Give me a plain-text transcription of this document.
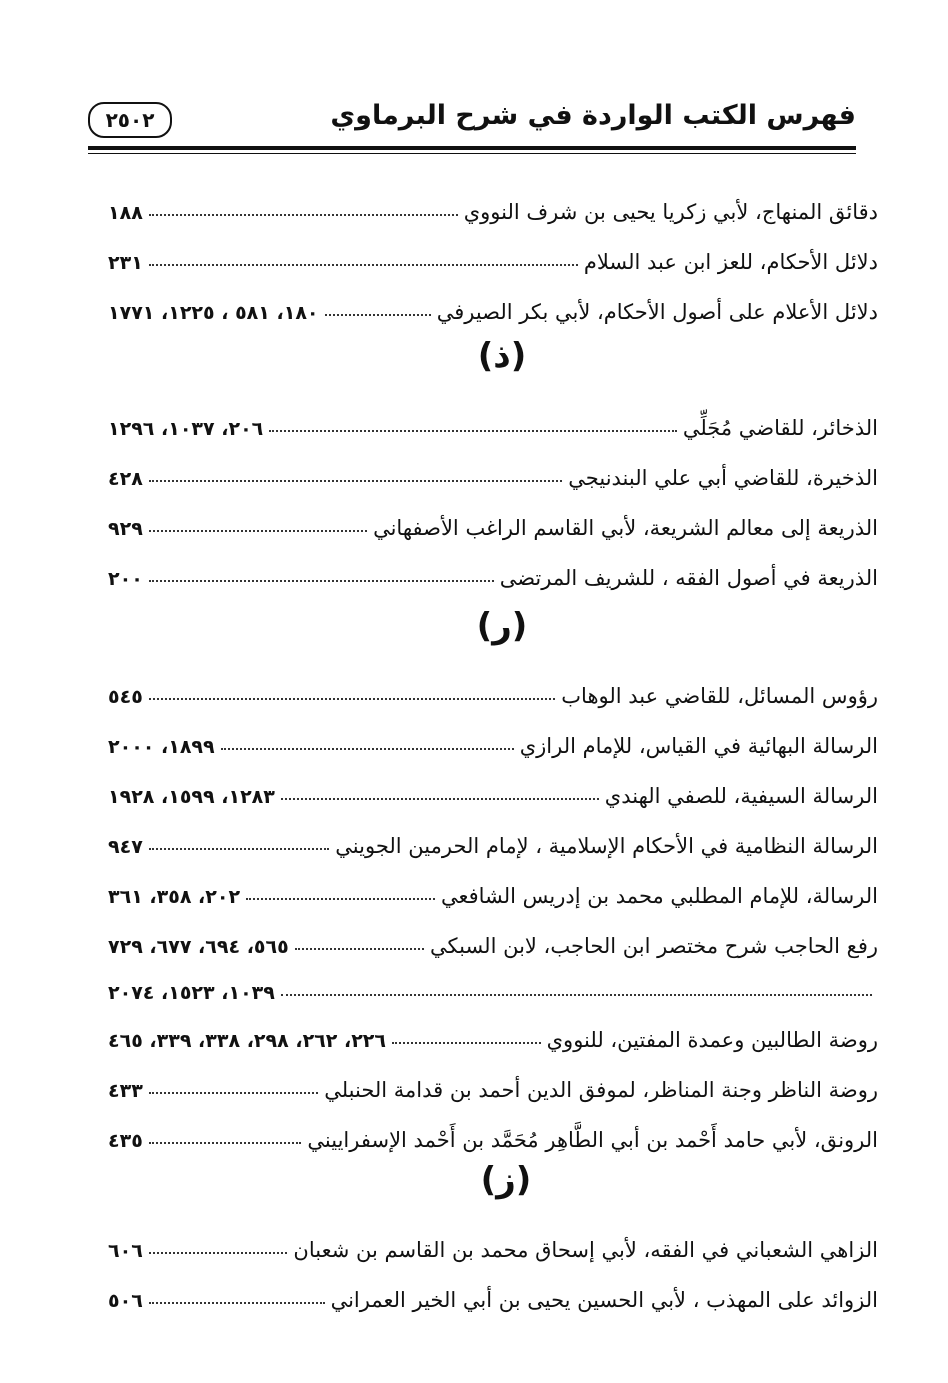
٢٥٠٢	فهرس الكتب الواردة في شرح البرماوي
دقائق المنهاج، لأبي زكريا يحيى بن شرف النووي
١٨٨
دلائل الأحكام، للعز ابن عبد السلام
٢٣١
دلائل الأعلام على أصول الأحكام، لأبي بكر الصيرفي
١٨٠، ٥٨١ ، ١٢٢٥، ١٧٧١
(ذ)
الذخائر، للقاضي مُجَلِّي
٢٠٦، ١٠٣٧، ١٢٩٦
الذخيرة، للقاضي أبي علي البندنيجي
٤٢٨
الذريعة إلى معالم الشريعة، لأبي القاسم الراغب الأصفهاني
٩٢٩
الذريعة في أصول الفقه ، للشريف المرتضى
٢٠٠
(ر)
رؤوس المسائل، للقاضي عبد الوهاب
٥٤٥
الرسالة البهائية في القياس، للإمام الرازي
١٨٩٩، ٢٠٠٠
الرسالة السيفية، للصفي الهندي
١٢٨٣، ١٥٩٩، ١٩٢٨
الرسالة النظامية في الأحكام الإسلامية ، لإمام الحرمين الجويني
٩٤٧
الرسالة، للإمام المطلبي محمد بن إدريس الشافعي
٢٠٢، ٣٥٨، ٣٦١
رفع الحاجب شرح مختصر ابن الحاجب، لابن السبكي
٥٦٥، ٦٩٤، ٦٧٧، ٧٢٩
١٠٣٩، ١٥٢٣، ٢٠٧٤
روضة الطالبين وعمدة المفتين، للنووي
٢٢٦، ٢٦٢، ٢٩٨، ٣٣٨، ٣٣٩، ٤٦٥
روضة الناظر وجنة المناظر، لموفق الدين أحمد بن قدامة الحنبلي
٤٣٣
الرونق، لأبي حامد أَحْمد بن أبي الطَّاهِر مُحَمَّد بن أَحْمد الإسفراييني
٤٣٥
(ز)
الزاهي الشعباني في الفقه، لأبي إسحاق محمد بن القاسم بن شعبان
٦٠٦
الزوائد على المهذب ، لأبي الحسين يحيى بن أبي الخير العمراني
٥٠٦
